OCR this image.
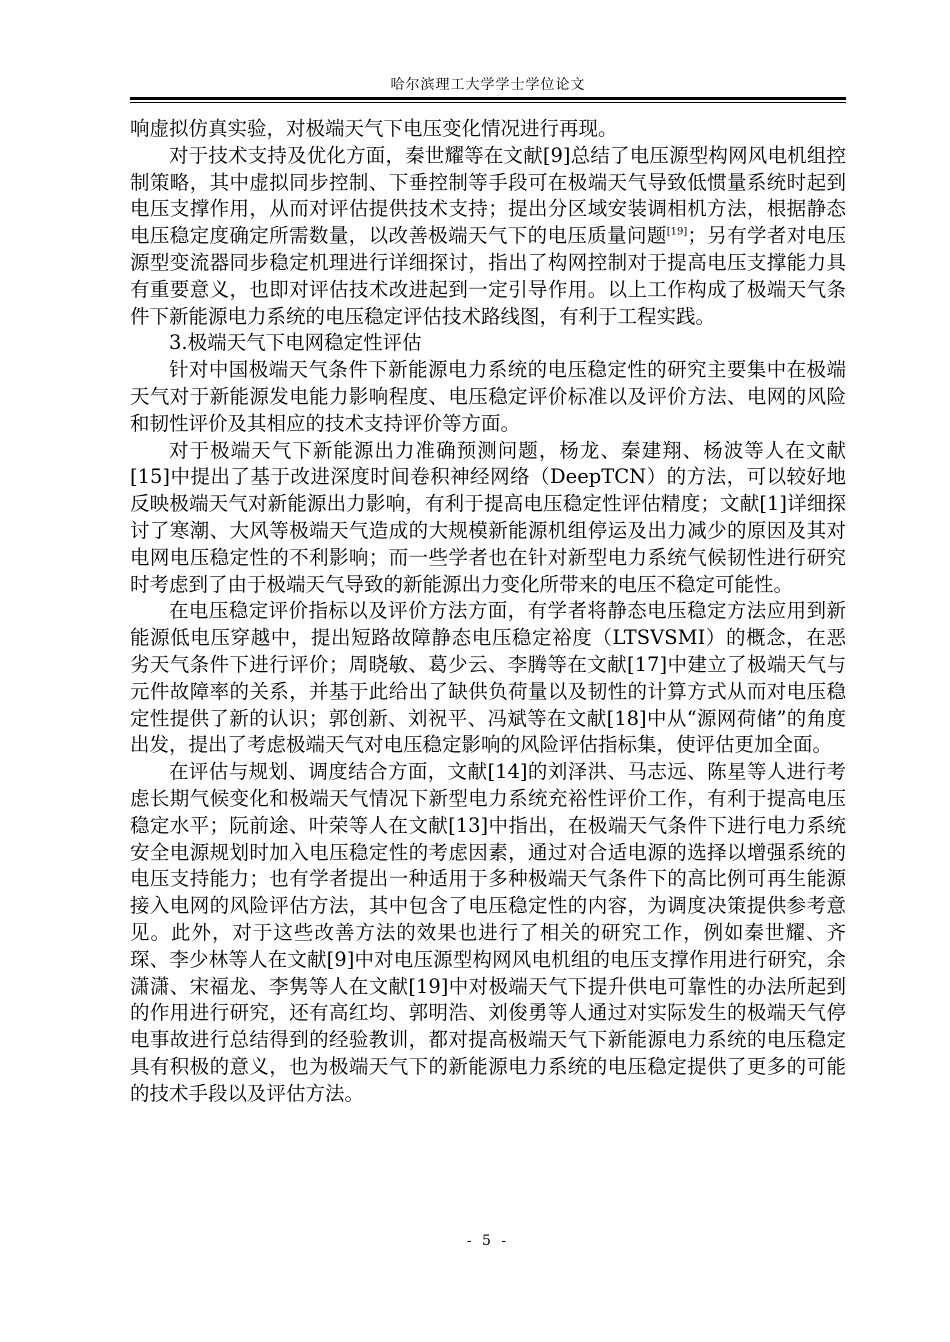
哈尔滨理工大学学士学位论文

响虚拟仿真实验，对极端天气下电压变化情况进行再现。

对于技术支持及优化方面，秦世耀等在文献[9]总结了电压源型构网风电机组控制策略，其中虚拟同步控制、下垂控制等手段可在极端天气导致低惯量系统时起到电压支撑作用，从而对评估提供技术支持；提出分区域安装调相机方法，根据静态电压稳定度确定所需数量，以改善极端天气下的电压质量问题[19]；另有学者对电压源型变流器同步稳定机理进行详细探讨，指出了构网控制对于提高电压支撑能力具有重要意义，也即对评估技术改进起到一定引导作用。以上工作构成了极端天气条件下新能源电力系统的电压稳定评估技术路线图，有利于工程实践。

3.极端天气下电网稳定性评估

针对中国极端天气条件下新能源电力系统的电压稳定性的研究主要集中在极端天气对于新能源发电能力影响程度、电压稳定评价标准以及评价方法、电网的风险和韧性评价及其相应的技术支持评价等方面。

对于极端天气下新能源出力准确预测问题，杨龙、秦建翔、杨波等人在文献[15]中提出了基于改进深度时间卷积神经网络（DeepTCN）的方法，可以较好地反映极端天气对新能源出力影响，有利于提高电压稳定性评估精度；文献[1]详细探讨了寒潮、大风等极端天气造成的大规模新能源机组停运及出力减少的原因及其对电网电压稳定性的不利影响；而一些学者也在针对新型电力系统气候韧性进行研究时考虑到了由于极端天气导致的新能源出力变化所带来的电压不稳定可能性。

在电压稳定评价指标以及评价方法方面，有学者将静态电压稳定方法应用到新能源低电压穿越中，提出短路故障静态电压稳定裕度（LTSVSMI）的概念，在恶劣天气条件下进行评价；周晓敏、葛少云、李腾等在文献[17]中建立了极端天气与元件故障率的关系，并基于此给出了缺供负荷量以及韧性的计算方式从而对电压稳定性提供了新的认识；郭创新、刘祝平、冯斌等在文献[18]中从“源网荷储”的角度出发，提出了考虑极端天气对电压稳定影响的风险评估指标集，使评估更加全面。

在评估与规划、调度结合方面，文献[14]的刘泽洪、马志远、陈星等人进行考虑长期气候变化和极端天气情况下新型电力系统充裕性评价工作，有利于提高电压稳定水平；阮前途、叶荣等人在文献[13]中指出，在极端天气条件下进行电力系统安全电源规划时加入电压稳定性的考虑因素，通过对合适电源的选择以增强系统的电压支持能力；也有学者提出一种适用于多种极端天气条件下的高比例可再生能源接入电网的风险评估方法，其中包含了电压稳定性的内容，为调度决策提供参考意见。此外，对于这些改善方法的效果也进行了相关的研究工作，例如秦世耀、齐琛、李少林等人在文献[9]中对电压源型构网风电机组的电压支撑作用进行研究，余潇潇、宋福龙、李隽等人在文献[19]中对极端天气下提升供电可靠性的办法所起到的作用进行研究，还有高红均、郭明浩、刘俊勇等人通过对实际发生的极端天气停电事故进行总结得到的经验教训，都对提高极端天气下新能源电力系统的电压稳定具有积极的意义，也为极端天气下的新能源电力系统的电压稳定提供了更多的可能的技术手段以及评估方法。

- 5 -
